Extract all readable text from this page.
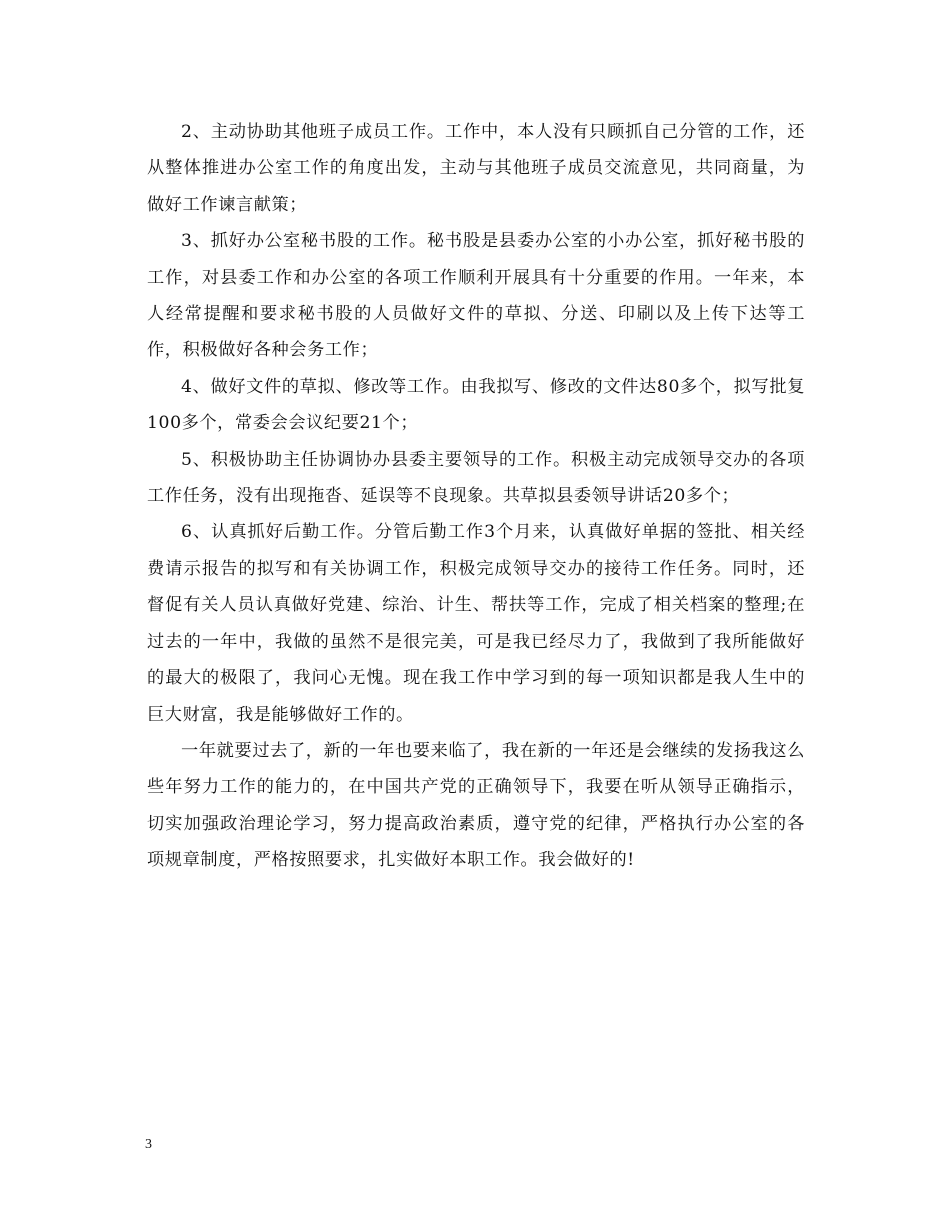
2、主动协助其他班子成员工作。工作中，本人没有只顾抓自己分管的工作，还从整体推进办公室工作的角度出发，主动与其他班子成员交流意见，共同商量，为做好工作谏言献策；

3、抓好办公室秘书股的工作。秘书股是县委办公室的小办公室，抓好秘书股的工作，对县委工作和办公室的各项工作顺利开展具有十分重要的作用。一年来，本人经常提醒和要求秘书股的人员做好文件的草拟、分送、印刷以及上传下达等工作，积极做好各种会务工作；

4、做好文件的草拟、修改等工作。由我拟写、修改的文件达80多个，拟写批复100多个，常委会会议纪要21个；

5、积极协助主任协调协办县委主要领导的工作。积极主动完成领导交办的各项工作任务，没有出现拖沓、延误等不良现象。共草拟县委领导讲话20多个；

6、认真抓好后勤工作。分管后勤工作3个月来，认真做好单据的签批、相关经费请示报告的拟写和有关协调工作，积极完成领导交办的接待工作任务。同时，还督促有关人员认真做好党建、综治、计生、帮扶等工作，完成了相关档案的整理;在过去的一年中，我做的虽然不是很完美，可是我已经尽力了，我做到了我所能做好的最大的极限了，我问心无愧。现在我工作中学习到的每一项知识都是我人生中的巨大财富，我是能够做好工作的。

一年就要过去了，新的一年也要来临了，我在新的一年还是会继续的发扬我这么些年努力工作的能力的，在中国共产党的正确领导下，我要在听从领导正确指示，切实加强政治理论学习，努力提高政治素质，遵守党的纪律，严格执行办公室的各项规章制度，严格按照要求，扎实做好本职工作。我会做好的!

3
